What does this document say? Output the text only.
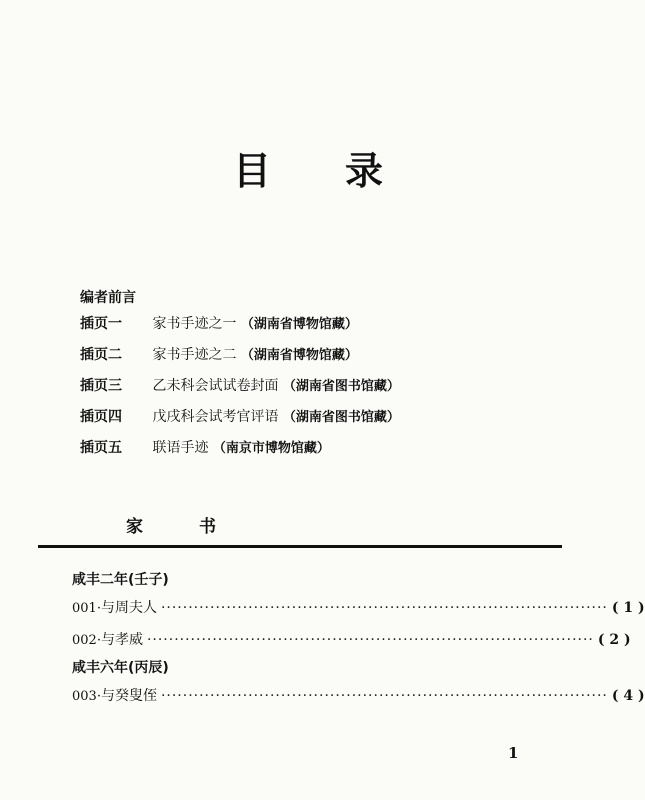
目 录
编者前言
插页一 家书手迹之一 （湖南省博物馆藏）
插页二 家书手迹之二 （湖南省博物馆藏）
插页三 乙未科会试试卷封面 （湖南省图书馆藏）
插页四 戊戌科会试考官评语 （湖南省图书馆藏）
插页五 联语手迹 （南京市博物馆藏）
家	书
咸丰二年(壬子)
001· 与周夫人 ·················································································· ( 1 )
002· 与孝威 ·················································································· ( 2 )
咸丰六年(丙辰)
003· 与癸叟侄 ·················································································· ( 4 )
1
